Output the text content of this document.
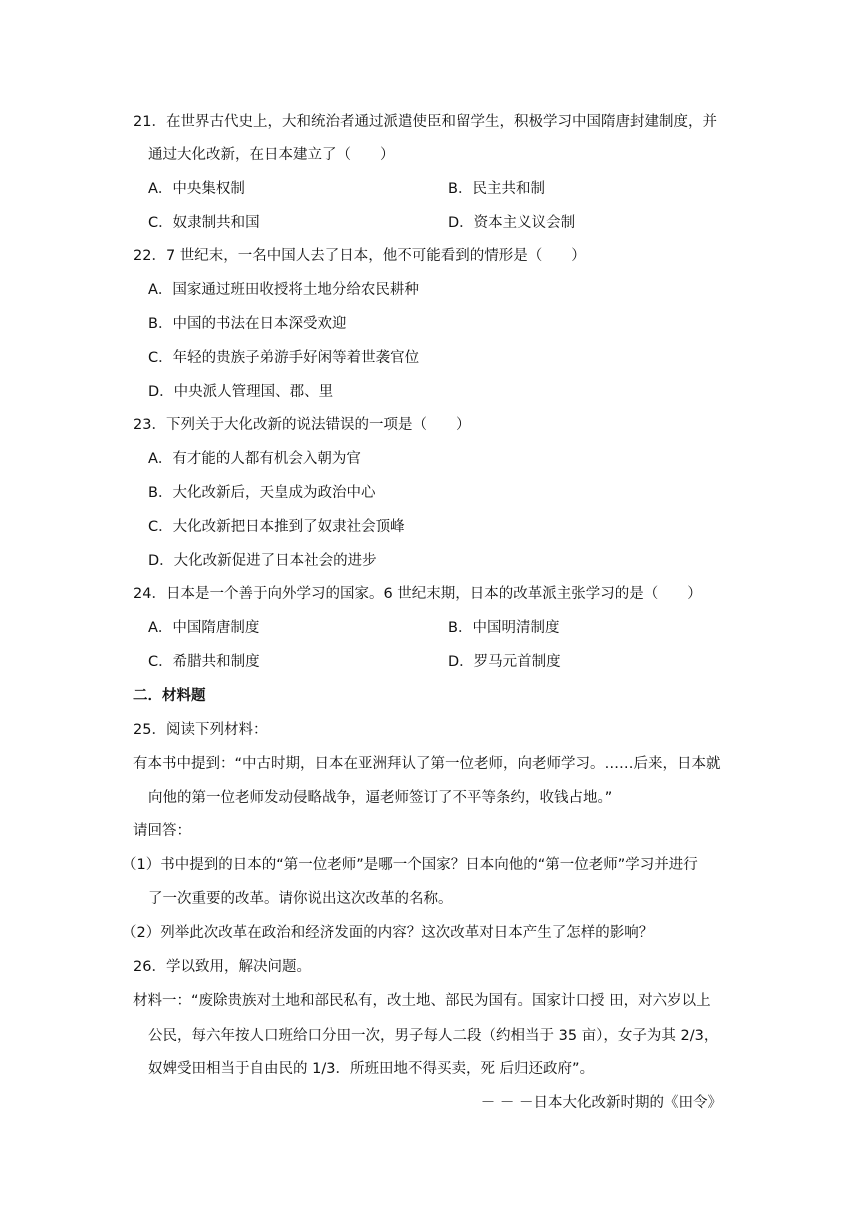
21．在世界古代史上，大和统治者通过派遣使臣和留学生，积极学习中国隋唐封建制度，并
通过大化改新，在日本建立了（　　）
A．中央集权制	B．民主共和制
C．奴隶制共和国	D．资本主义议会制
22．7 世纪末，一名中国人去了日本，他不可能看到的情形是（　　）
A．国家通过班田收授将土地分给农民耕种
B．中国的书法在日本深受欢迎
C．年轻的贵族子弟游手好闲等着世袭官位
D．中央派人管理国、郡、里
23．下列关于大化改新的说法错误的一项是（　　）
A．有才能的人都有机会入朝为官
B．大化改新后，天皇成为政治中心
C．大化改新把日本推到了奴隶社会顶峰
D．大化改新促进了日本社会的进步
24．日本是一个善于向外学习的国家。6 世纪末期，日本的改革派主张学习的是（　　）
A．中国隋唐制度	B．中国明清制度
C．希腊共和制度	D．罗马元首制度
二．材料题
25．阅读下列材料：
有本书中提到：“中古时期，日本在亚洲拜认了第一位老师，向老师学习。……后来，日本就
向他的第一位老师发动侵略战争，逼老师签订了不平等条约，收钱占地。”
请回答：
（1）书中提到的日本的“第一位老师”是哪一个国家？日本向他的“第一位老师”学习并进行
了一次重要的改革。请你说出这次改革的名称。
（2）列举此次改革在政治和经济发面的内容？这次改革对日本产生了怎样的影响？
26．学以致用，解决问题。
材料一：“废除贵族对土地和部民私有，改土地、部民为国有。国家计口授 田，对六岁以上
公民，每六年按人口班给口分田一次，男子每人二段（约相当于 35 亩），女子为其 2/3，
奴婢受田相当于自由民的 1/3．所班田地不得买卖，死 后归还政府”。
－ － －日本大化改新时期的《田令》
